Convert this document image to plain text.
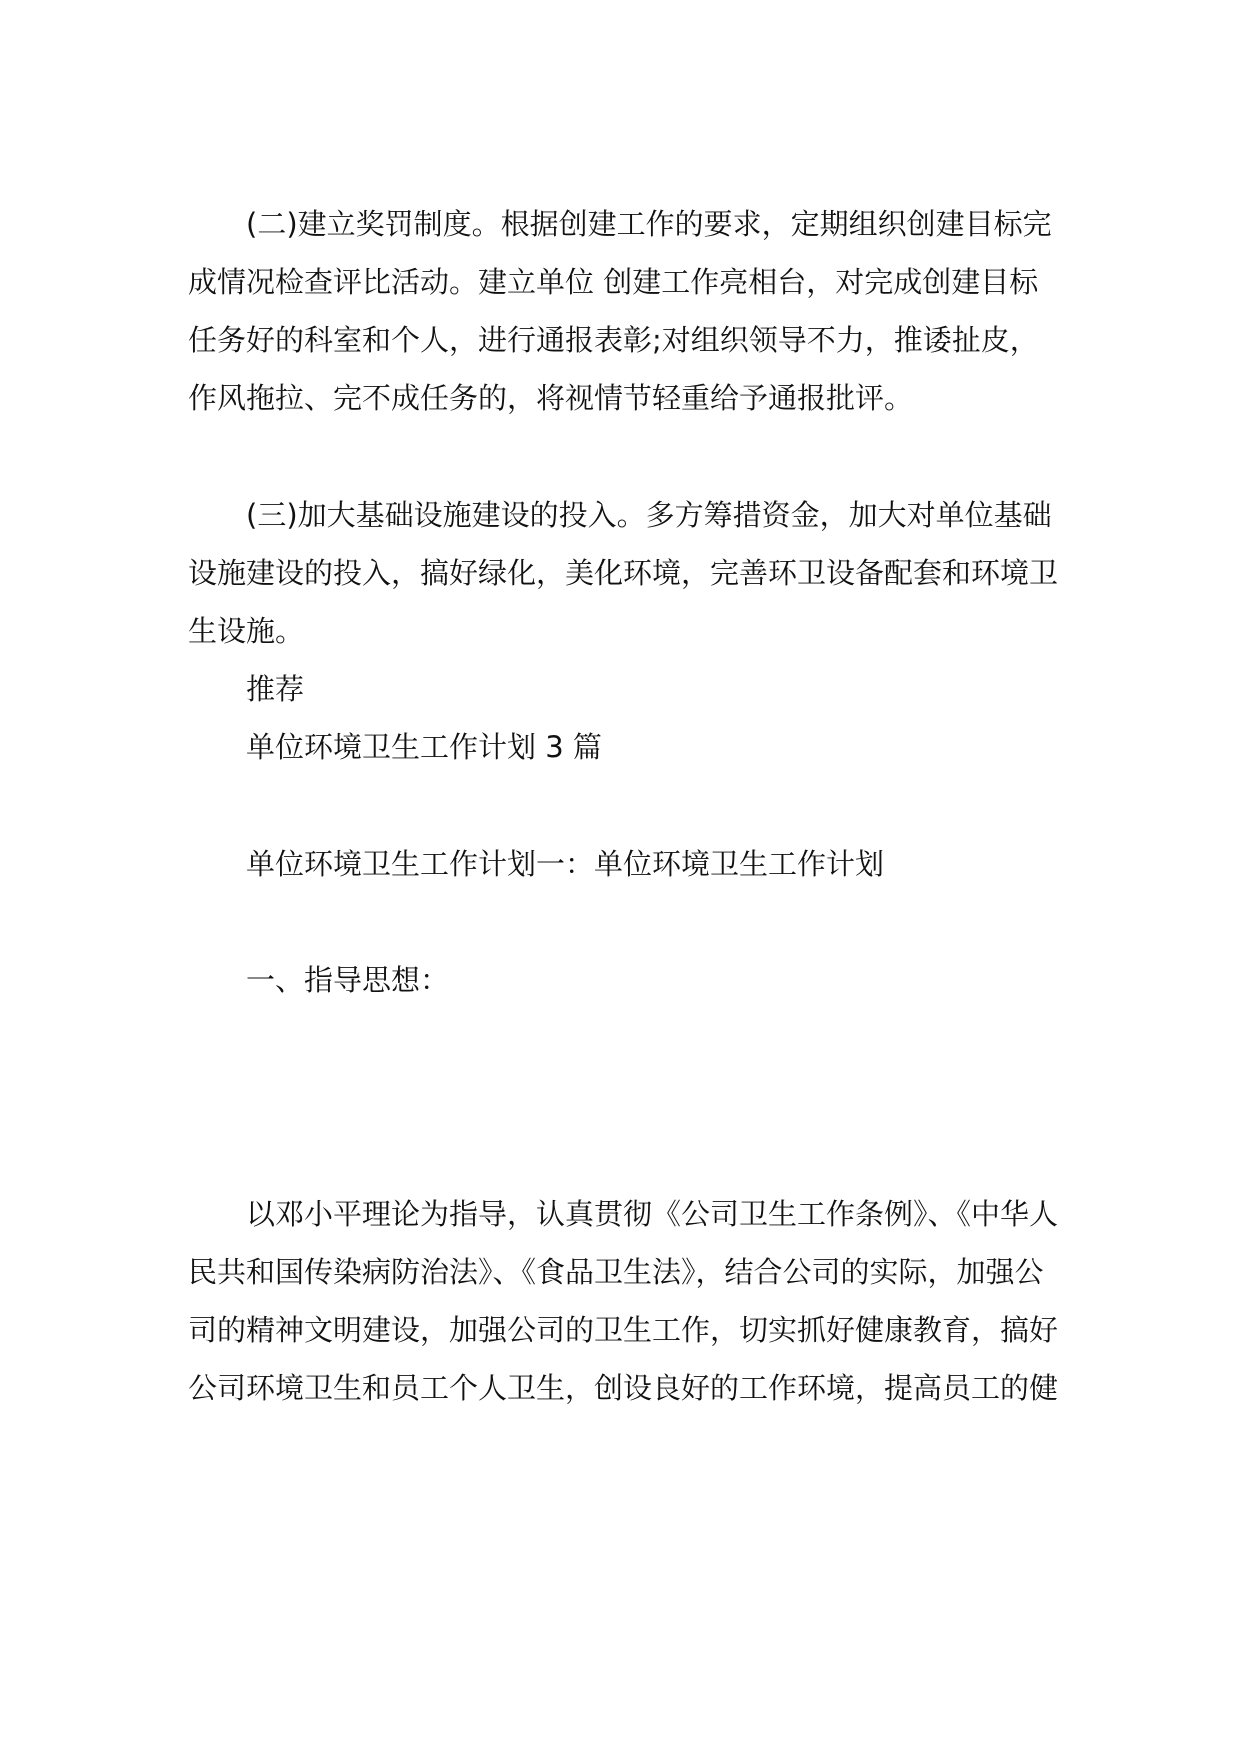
(二)建立奖罚制度。根据创建工作的要求，定期组织创建目标完
成情况检查评比活动。建立单位 创建工作亮相台，对完成创建目标
任务好的科室和个人，进行通报表彰;对组织领导不力，推诿扯皮，
作风拖拉、完不成任务的，将视情节轻重给予通报批评。
(三)加大基础设施建设的投入。多方筹措资金，加大对单位基础
设施建设的投入，搞好绿化，美化环境，完善环卫设备配套和环境卫
生设施。
推荐
单位环境卫生工作计划 3 篇
单位环境卫生工作计划一：单位环境卫生工作计划
一、指导思想：
以邓小平理论为指导，认真贯彻《公司卫生工作条例》、《中华人
民共和国传染病防治法》、《食品卫生法》，结合公司的实际，加强公
司的精神文明建设，加强公司的卫生工作，切实抓好健康教育，搞好
公司环境卫生和员工个人卫生，创设良好的工作环境，提高员工的健
